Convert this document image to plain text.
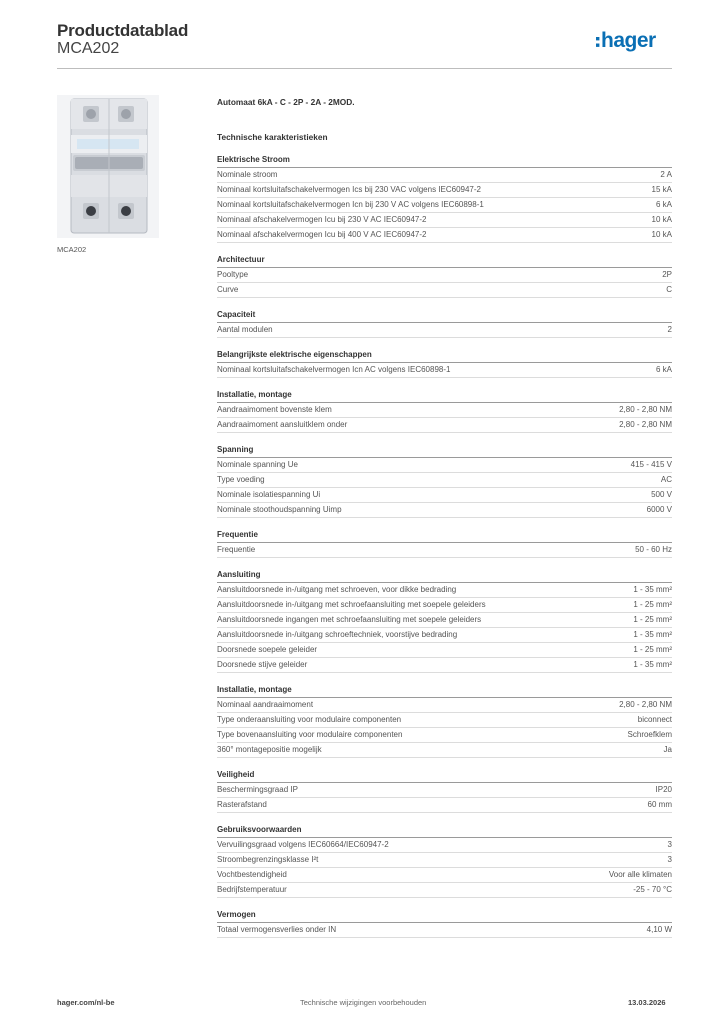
Productdatablad
MCA202	hager
MCA202
Automaat 6kA - C - 2P - 2A - 2MOD.
Technische karakteristieken
Elektrische Stroom
Nominale stroom	2 A
Nominaal kortsluitafschakelvermogen Ics bij 230 VAC volgens IEC60947-2	15 kA
Nominaal kortsluitafschakelvermogen Icn bij 230 V AC volgens IEC60898-1	6 kA
Nominaal afschakelvermogen Icu bij 230 V AC IEC60947-2	10 kA
Nominaal afschakelvermogen Icu bij 400 V AC IEC60947-2	10 kA
Architectuur
Pooltype	2P
Curve	C
Capaciteit
Aantal modulen	2
Belangrijkste elektrische eigenschappen
Nominaal kortsluitafschakelvermogen Icn AC volgens IEC60898-1	6 kA
Installatie, montage
Aandraaimoment bovenste klem	2,80 - 2,80 NM
Aandraaimoment aansluitklem onder	2,80 - 2,80 NM
Spanning
Nominale spanning Ue	415 - 415 V
Type voeding	AC
Nominale isolatiespanning Ui	500 V
Nominale stoothoudspanning Uimp	6000 V
Frequentie
Frequentie	50 - 60 Hz
Aansluiting
Aansluitdoorsnede in-/uitgang met schroeven, voor dikke bedrading	1 - 35 mm²
Aansluitdoorsnede in-/uitgang met schroefaansluiting met soepele geleiders	1 - 25 mm²
Aansluitdoorsnede ingangen met schroefaansluiting met soepele geleiders	1 - 25 mm²
Aansluitdoorsnede in-/uitgang schroeftechniek, voorstijve bedrading	1 - 35 mm²
Doorsnede soepele geleider	1 - 25 mm²
Doorsnede stijve geleider	1 - 35 mm²
Installatie, montage
Nominaal aandraaimoment	2,80 - 2,80 NM
Type onderaansluiting voor modulaire componenten	biconnect
Type bovenaansluiting voor modulaire componenten	Schroefklem
360° montagepositie mogelijk	Ja
Veiligheid
Beschermingsgraad IP	IP20
Rasterafstand	60 mm
Gebruiksvoorwaarden
Vervuilingsgraad volgens IEC60664/IEC60947-2	3
Stroombegrenzingsklasse I²t	3
Vochtbestendigheid	Voor alle klimaten
Bedrijfstemperatuur	-25 - 70 °C
Vermogen
Totaal vermogensverlies onder IN	4,10 W
hager.com/nl-be	Technische wijzigingen voorbehouden	13.03.2026
